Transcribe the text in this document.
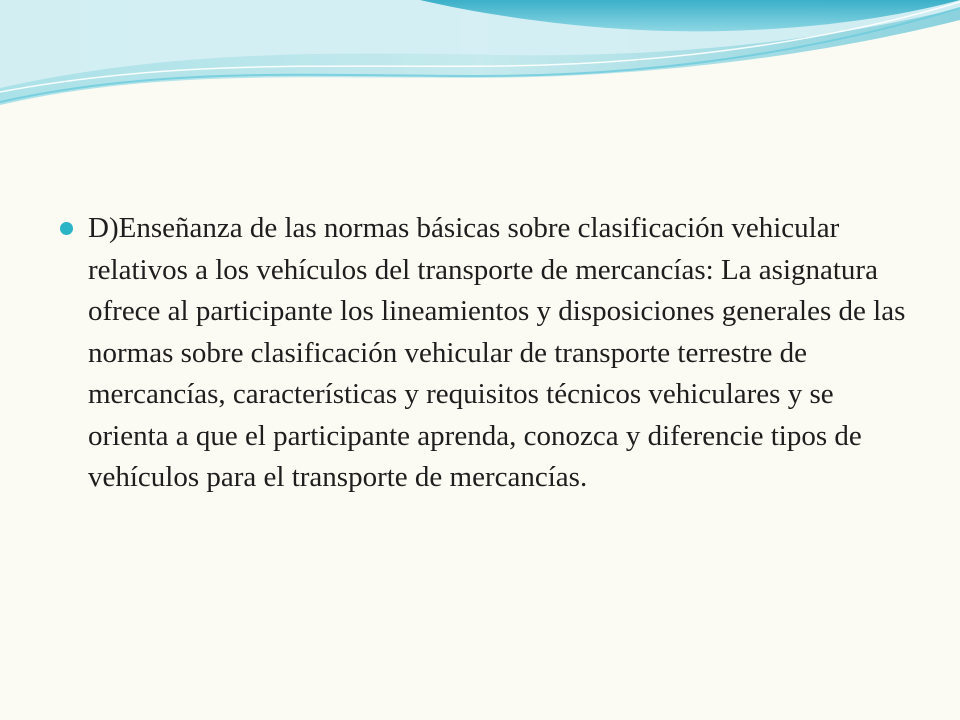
D)Enseñanza de las normas básicas sobre clasificación vehicular relativos a los vehículos del transporte de mercancías: La asignatura ofrece al participante los lineamientos y disposiciones generales de las normas sobre clasificación vehicular de transporte terrestre de mercancías, características y requisitos técnicos vehiculares y se orienta a que el participante aprenda, conozca y diferencie tipos de vehículos para el transporte de mercancías.
